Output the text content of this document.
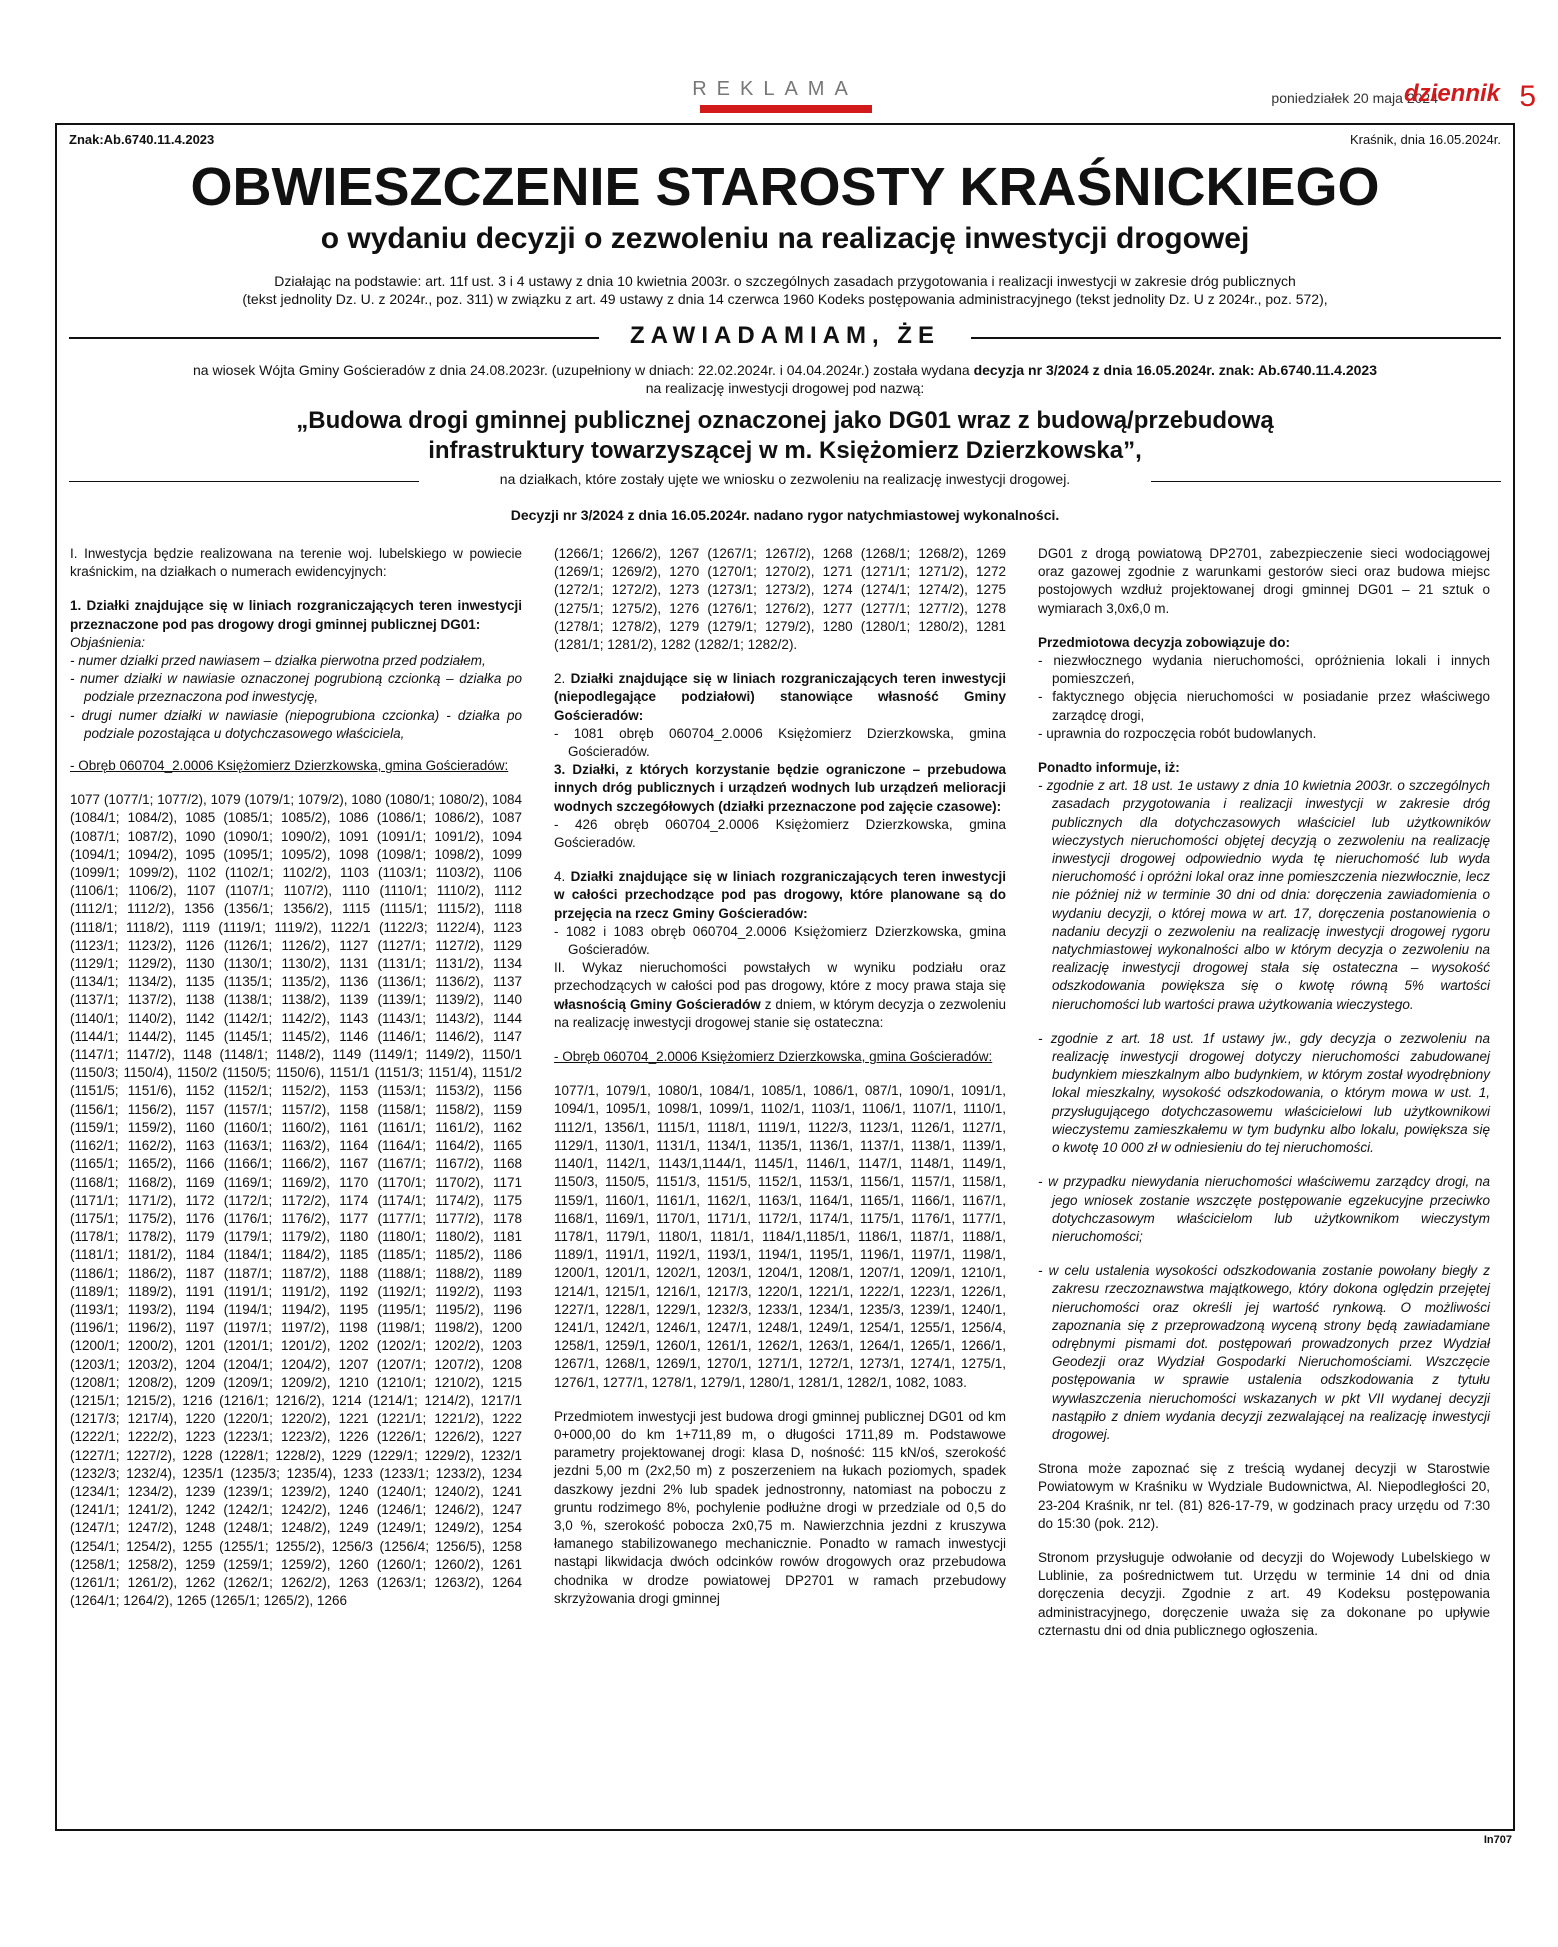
REKLAMA	poniedziałek 20 maja 2024
dziennik 5
Znak:Ab.6740.11.4.2023	Kraśnik, dnia 16.05.2024r.
OBWIESZCZENIE STAROSTY KRAŚNICKIEGO
o wydaniu decyzji o zezwoleniu na realizację inwestycji drogowej
Działając na podstawie: art. 11f ust. 3 i 4 ustawy z dnia 10 kwietnia 2003r. o szczególnych zasadach przygotowania i realizacji inwestycji w zakresie dróg publicznych
(tekst jednolity Dz. U. z 2024r., poz. 311) w związku z art. 49 ustawy z dnia 14 czerwca 1960 Kodeks postępowania administracyjnego (tekst jednolity Dz. U z 2024r., poz. 572),
ZAWIADAMIAM, ŻE
na wiosek Wójta Gminy Gościeradów z dnia 24.08.2023r. (uzupełniony w dniach: 22.02.2024r. i 04.04.2024r.) została wydana decyzja nr 3/2024 z dnia 16.05.2024r. znak: Ab.6740.11.4.2023
na realizację inwestycji drogowej pod nazwą:
„Budowa drogi gminnej publicznej oznaczonej jako DG01 wraz z budową/przebudową
infrastruktury towarzyszącej w m. Księżomierz Dzierzkowska”,
na działkach, które zostały ujęte we wniosku o zezwoleniu na realizację inwestycji drogowej.
Decyzji nr 3/2024 z dnia 16.05.2024r. nadano rygor natychmiastowej wykonalności.

I. Inwestycja będzie realizowana na terenie woj. lubelskiego w powiecie kraśnickim, na działkach o numerach ewidencyjnych:

1. Działki znajdujące się w liniach rozgraniczających teren inwestycji przeznaczone pod pas drogowy drogi gminnej publicznej DG01:

Objaśnienia:
- numer działki przed nawiasem – działka pierwotna przed podziałem,
- numer działki w nawiasie oznaczonej pogrubioną czcionką – działka po podziale przeznaczona pod inwestycję,
- drugi numer działki w nawiasie (niepogrubiona czcionka) - działka po podziale pozostająca u dotychczasowego właściciela,

- Obręb 060704_2.0006 Księżomierz Dzierzkowska, gmina Gościeradów:

1077 (1077/1; 1077/2), 1079 (1079/1; 1079/2), 1080 (1080/1; 1080/2), 1084 (1084/1; 1084/2), 1085 (1085/1; 1085/2), 1086 (1086/1; 1086/2), 1087 (1087/1; 1087/2), 1090 (1090/1; 1090/2), 1091 (1091/1; 1091/2), 1094 (1094/1; 1094/2), 1095 (1095/1; 1095/2), 1098 (1098/1; 1098/2), 1099 (1099/1; 1099/2), 1102 (1102/1; 1102/2), 1103 (1103/1; 1103/2), 1106 (1106/1; 1106/2), 1107 (1107/1; 1107/2), 1110 (1110/1; 1110/2), 1112 (1112/1; 1112/2), 1356 (1356/1; 1356/2), 1115 (1115/1; 1115/2), 1118 (1118/1; 1118/2), 1119 (1119/1; 1119/2), 1122/1 (1122/3; 1122/4), 1123 (1123/1; 1123/2), 1126 (1126/1; 1126/2), 1127 (1127/1; 1127/2), 1129 (1129/1; 1129/2), 1130 (1130/1; 1130/2), 1131 (1131/1; 1131/2), 1134 (1134/1; 1134/2), 1135 (1135/1; 1135/2), 1136 (1136/1; 1136/2), 1137 (1137/1; 1137/2), 1138 (1138/1; 1138/2), 1139 (1139/1; 1139/2), 1140 (1140/1; 1140/2), 1142 (1142/1; 1142/2), 1143 (1143/1; 1143/2), 1144 (1144/1; 1144/2), 1145 (1145/1; 1145/2), 1146 (1146/1; 1146/2), 1147 (1147/1; 1147/2), 1148 (1148/1; 1148/2), 1149 (1149/1; 1149/2), 1150/1 (1150/3; 1150/4), 1150/2 (1150/5; 1150/6), 1151/1 (1151/3; 1151/4), 1151/2 (1151/5; 1151/6), 1152 (1152/1; 1152/2), 1153 (1153/1; 1153/2), 1156 (1156/1; 1156/2), 1157 (1157/1; 1157/2), 1158 (1158/1; 1158/2), 1159 (1159/1; 1159/2), 1160 (1160/1; 1160/2), 1161 (1161/1; 1161/2), 1162 (1162/1; 1162/2), 1163 (1163/1; 1163/2), 1164 (1164/1; 1164/2), 1165 (1165/1; 1165/2), 1166 (1166/1; 1166/2), 1167 (1167/1; 1167/2), 1168 (1168/1; 1168/2), 1169 (1169/1; 1169/2), 1170 (1170/1; 1170/2), 1171 (1171/1; 1171/2), 1172 (1172/1; 1172/2), 1174 (1174/1; 1174/2), 1175 (1175/1; 1175/2), 1176 (1176/1; 1176/2), 1177 (1177/1; 1177/2), 1178 (1178/1; 1178/2), 1179 (1179/1; 1179/2), 1180 (1180/1; 1180/2), 1181 (1181/1; 1181/2), 1184 (1184/1; 1184/2), 1185 (1185/1; 1185/2), 1186 (1186/1; 1186/2), 1187 (1187/1; 1187/2), 1188 (1188/1; 1188/2), 1189 (1189/1; 1189/2), 1191 (1191/1; 1191/2), 1192 (1192/1; 1192/2), 1193 (1193/1; 1193/2), 1194 (1194/1; 1194/2), 1195 (1195/1; 1195/2), 1196 (1196/1; 1196/2), 1197 (1197/1; 1197/2), 1198 (1198/1; 1198/2), 1200 (1200/1; 1200/2), 1201 (1201/1; 1201/2), 1202 (1202/1; 1202/2), 1203 (1203/1; 1203/2), 1204 (1204/1; 1204/2), 1207 (1207/1; 1207/2), 1208 (1208/1; 1208/2), 1209 (1209/1; 1209/2), 1210 (1210/1; 1210/2), 1215 (1215/1; 1215/2), 1216 (1216/1; 1216/2), 1214 (1214/1; 1214/2), 1217/1 (1217/3; 1217/4), 1220 (1220/1; 1220/2), 1221 (1221/1; 1221/2), 1222 (1222/1; 1222/2), 1223 (1223/1; 1223/2), 1226 (1226/1; 1226/2), 1227 (1227/1; 1227/2), 1228 (1228/1; 1228/2), 1229 (1229/1; 1229/2), 1232/1 (1232/3; 1232/4), 1235/1 (1235/3; 1235/4), 1233 (1233/1; 1233/2), 1234 (1234/1; 1234/2), 1239 (1239/1; 1239/2), 1240 (1240/1; 1240/2), 1241 (1241/1; 1241/2), 1242 (1242/1; 1242/2), 1246 (1246/1; 1246/2), 1247 (1247/1; 1247/2), 1248 (1248/1; 1248/2), 1249 (1249/1; 1249/2), 1254 (1254/1; 1254/2), 1255 (1255/1; 1255/2), 1256/3 (1256/4; 1256/5), 1258 (1258/1; 1258/2), 1259 (1259/1; 1259/2), 1260 (1260/1; 1260/2), 1261 (1261/1; 1261/2), 1262 (1262/1; 1262/2), 1263 (1263/1; 1263/2), 1264 (1264/1; 1264/2), 1265 (1265/1; 1265/2), 1266

(1266/1; 1266/2), 1267 (1267/1; 1267/2), 1268 (1268/1; 1268/2), 1269 (1269/1; 1269/2), 1270 (1270/1; 1270/2), 1271 (1271/1; 1271/2), 1272 (1272/1; 1272/2), 1273 (1273/1; 1273/2), 1274 (1274/1; 1274/2), 1275 (1275/1; 1275/2), 1276 (1276/1; 1276/2), 1277 (1277/1; 1277/2), 1278 (1278/1; 1278/2), 1279 (1279/1; 1279/2), 1280 (1280/1; 1280/2), 1281 (1281/1; 1281/2), 1282 (1282/1; 1282/2).

2. Działki znajdujące się w liniach rozgraniczających teren inwestycji (niepodlegające podziałowi) stanowiące własność Gminy Gościeradów:
- 1081 obręb 060704_2.0006 Księżomierz Dzierzkowska, gmina Gościeradów.
3. Działki, z których korzystanie będzie ograniczone – przebudowa innych dróg publicznych i urządzeń wodnych lub urządzeń melioracji wodnych szczegółowych (działki przeznaczone pod zajęcie czasowe):

- 426 obręb 060704_2.0006 Księżomierz Dzierzkowska, gmina Gościeradów.

4. Działki znajdujące się w liniach rozgraniczających teren inwestycji w całości przechodzące pod pas drogowy, które planowane są do przejęcia na rzecz Gminy Gościeradów:
- 1082 i 1083 obręb 060704_2.0006 Księżomierz Dzierzkowska, gmina Gościeradów.

II. Wykaz nieruchomości powstałych w wyniku podziału oraz przechodzących w całości pod pas drogowy, które z mocy prawa staja się własnością Gminy Gościeradów z dniem, w którym decyzja o zezwoleniu na realizację inwestycji drogowej stanie się ostateczna:

- Obręb 060704_2.0006 Księżomierz Dzierzkowska, gmina Gościeradów:

1077/1, 1079/1, 1080/1, 1084/1, 1085/1, 1086/1, 087/1, 1090/1, 1091/1, 1094/1, 1095/1, 1098/1, 1099/1, 1102/1, 1103/1, 1106/1, 1107/1, 1110/1, 1112/1, 1356/1, 1115/1, 1118/1, 1119/1, 1122/3, 1123/1, 1126/1, 1127/1, 1129/1, 1130/1, 1131/1, 1134/1, 1135/1, 1136/1, 1137/1, 1138/1, 1139/1, 1140/1, 1142/1, 1143/1,1144/1, 1145/1, 1146/1, 1147/1, 1148/1, 1149/1, 1150/3, 1150/5, 1151/3, 1151/5, 1152/1, 1153/1, 1156/1, 1157/1, 1158/1, 1159/1, 1160/1, 1161/1, 1162/1, 1163/1, 1164/1, 1165/1, 1166/1, 1167/1, 1168/1, 1169/1, 1170/1, 1171/1, 1172/1, 1174/1, 1175/1, 1176/1, 1177/1, 1178/1, 1179/1, 1180/1, 1181/1, 1184/1,1185/1, 1186/1, 1187/1, 1188/1, 1189/1, 1191/1, 1192/1, 1193/1, 1194/1, 1195/1, 1196/1, 1197/1, 1198/1, 1200/1, 1201/1, 1202/1, 1203/1, 1204/1, 1208/1, 1207/1, 1209/1, 1210/1, 1214/1, 1215/1, 1216/1, 1217/3, 1220/1, 1221/1, 1222/1, 1223/1, 1226/1, 1227/1, 1228/1, 1229/1, 1232/3, 1233/1, 1234/1, 1235/3, 1239/1, 1240/1, 1241/1, 1242/1, 1246/1, 1247/1, 1248/1, 1249/1, 1254/1, 1255/1, 1256/4, 1258/1, 1259/1, 1260/1, 1261/1, 1262/1, 1263/1, 1264/1, 1265/1, 1266/1, 1267/1, 1268/1, 1269/1, 1270/1, 1271/1, 1272/1, 1273/1, 1274/1, 1275/1, 1276/1, 1277/1, 1278/1, 1279/1, 1280/1, 1281/1, 1282/1, 1082, 1083.

Przedmiotem inwestycji jest budowa drogi gminnej publicznej DG01 od km 0+000,00 do km 1+711,89 m, o długości 1711,89 m. Podstawowe parametry projektowanej drogi: klasa D, nośność: 115 kN/oś, szerokość jezdni 5,00 m (2x2,50 m) z poszerzeniem na łukach poziomych, spadek daszkowy jezdni 2% lub spadek jednostronny, natomiast na poboczu z gruntu rodzimego 8%, pochylenie podłużne drogi w przedziale od 0,5 do 3,0 %, szerokość pobocza 2x0,75 m. Nawierzchnia jezdni z kruszywa łamanego stabilizowanego mechanicznie. Ponadto w ramach inwestycji nastąpi likwidacja dwóch odcinków rowów drogowych oraz przebudowa chodnika w drodze powiatowej DP2701 w ramach przebudowy skrzyżowania drogi gminnej

DG01 z drogą powiatową DP2701, zabezpieczenie sieci wodociągowej oraz gazowej zgodnie z warunkami gestorów sieci oraz budowa miejsc postojowych wzdłuż projektowanej drogi gminnej DG01 – 21 sztuk o wymiarach 3,0x6,0 m.

Przedmiotowa decyzja zobowiązuje do:
- niezwłocznego wydania nieruchomości, opróżnienia lokali i innych pomieszczeń,
- faktycznego objęcia nieruchomości w posiadanie przez właściwego zarządcę drogi,

- uprawnia do rozpoczęcia robót budowlanych.

Ponadto informuje, iż:

- zgodnie z art. 18 ust. 1e ustawy z dnia 10 kwietnia 2003r. o szczególnych zasadach przygotowania i realizacji inwestycji w zakresie dróg publicznych dla dotychczasowych właściciel lub użytkowników wieczystych nieruchomości objętej decyzją o zezwoleniu na realizację inwestycji drogowej odpowiednio wyda tę nieruchomość lub wyda nieruchomość i opróżni lokal oraz inne pomieszczenia niezwłocznie, lecz nie później niż w terminie 30 dni od dnia: doręczenia zawiadomienia o wydaniu decyzji, o której mowa w art. 17, doręczenia postanowienia o nadaniu decyzji o zezwoleniu na realizację inwestycji drogowej rygoru natychmiastowej wykonalności albo w którym decyzja o zezwoleniu na realizację inwestycji drogowej stała się ostateczna – wysokość odszkodowania powiększa się o kwotę równą 5% wartości nieruchomości lub wartości prawa użytkowania wieczystego.

- zgodnie z art. 18 ust. 1f ustawy jw., gdy decyzja o zezwoleniu na realizację inwestycji drogowej dotyczy nieruchomości zabudowanej budynkiem mieszkalnym albo budynkiem, w którym został wyodrębniony lokal mieszkalny, wysokość odszkodowania, o którym mowa w ust. 1, przysługującego dotychczasowemu właścicielowi lub użytkownikowi wieczystemu zamieszkałemu w tym budynku albo lokalu, powiększa się o kwotę 10 000 zł w odniesieniu do tej nieruchomości.

- w przypadku niewydania nieruchomości właściwemu zarządcy drogi, na jego wniosek zostanie wszczęte postępowanie egzekucyjne przeciwko dotychczasowym właścicielom lub użytkownikom wieczystym nieruchomości;

- w celu ustalenia wysokości odszkodowania zostanie powołany biegły z zakresu rzeczoznawstwa majątkowego, który dokona oględzin przejętej nieruchomości oraz określi jej wartość rynkową. O możliwości zapoznania się z przeprowadzoną wyceną strony będą zawiadamiane odrębnymi pismami dot. postępowań prowadzonych przez Wydział Geodezji oraz Wydział Gospodarki Nieruchomościami. Wszczęcie postępowania w sprawie ustalenia odszkodowania z tytułu wywłaszczenia nieruchomości wskazanych w pkt VII wydanej decyzji nastąpiło z dniem wydania decyzji zezwalającej na realizację inwestycji drogowej.

Strona może zapoznać się z treścią wydanej decyzji w Starostwie Powiatowym w Kraśniku w Wydziale Budownictwa, Al. Niepodległości 20, 23-204 Kraśnik, nr tel. (81) 826-17-79, w godzinach pracy urzędu od 7:30 do 15:30 (pok. 212).

Stronom przysługuje odwołanie od decyzji do Wojewody Lubelskiego w Lublinie, za pośrednictwem tut. Urzędu w terminie 14 dni od dnia doręczenia decyzji. Zgodnie z art. 49 Kodeksu postępowania administracyjnego, doręczenie uważa się za dokonane po upływie czternastu dni od dnia publicznego ogłoszenia.

In707
